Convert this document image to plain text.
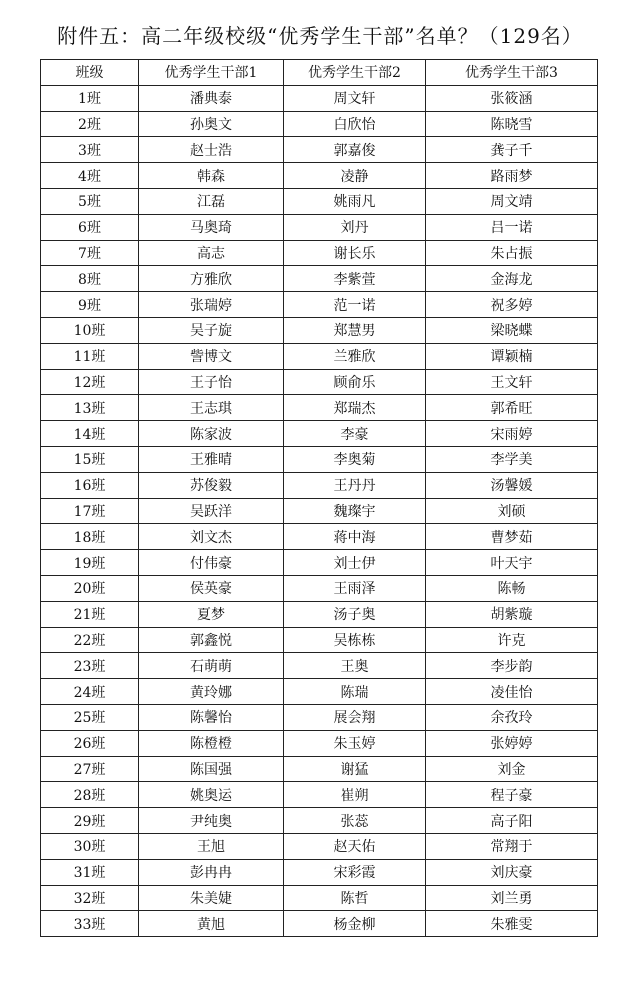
附件五：高二年级校级“优秀学生干部”名单？（129名）
班级	优秀学生干部1	优秀学生干部2	优秀学生干部3
1班	潘典泰	周文轩	张筱涵
2班	孙奥文	白欣怡	陈晓雪
3班	赵士浩	郭嘉俊	龚子千
4班	韩森	凌静	路雨梦
5班	江磊	姚雨凡	周文靖
6班	马奥琦	刘丹	吕一诺
7班	高志	谢长乐	朱占振
8班	方雅欣	李紫萱	金海龙
9班	张瑞婷	范一诺	祝多婷
10班	吴子旋	郑慧男	梁晓蝶
11班	訾博文	兰雅欣	谭颖楠
12班	王子怡	顾俞乐	王文轩
13班	王志琪	郑瑞杰	郭希旺
14班	陈家波	李豪	宋雨婷
15班	王雅晴	李奥菊	李学美
16班	苏俊毅	王丹丹	汤馨媛
17班	吴跃洋	魏璨宇	刘硕
18班	刘文杰	蒋中海	曹梦茹
19班	付伟豪	刘士伊	叶天宇
20班	侯英豪	王雨泽	陈畅
21班	夏梦	汤子奥	胡紫璇
22班	郭鑫悦	吴栋栋	许克
23班	石萌萌	王奥	李步韵
24班	黄玲娜	陈瑞	凌佳怡
25班	陈馨怡	展会翔	余孜玲
26班	陈橙橙	朱玉婷	张婷婷
27班	陈国强	谢猛	刘金
28班	姚奥运	崔朔	程子豪
29班	尹纯奥	张蕊	高子阳
30班	王旭	赵天佑	常翔于
31班	彭冉冉	宋彩霞	刘庆豪
32班	朱美婕	陈哲	刘兰勇
33班	黄旭	杨金柳	朱雅雯
